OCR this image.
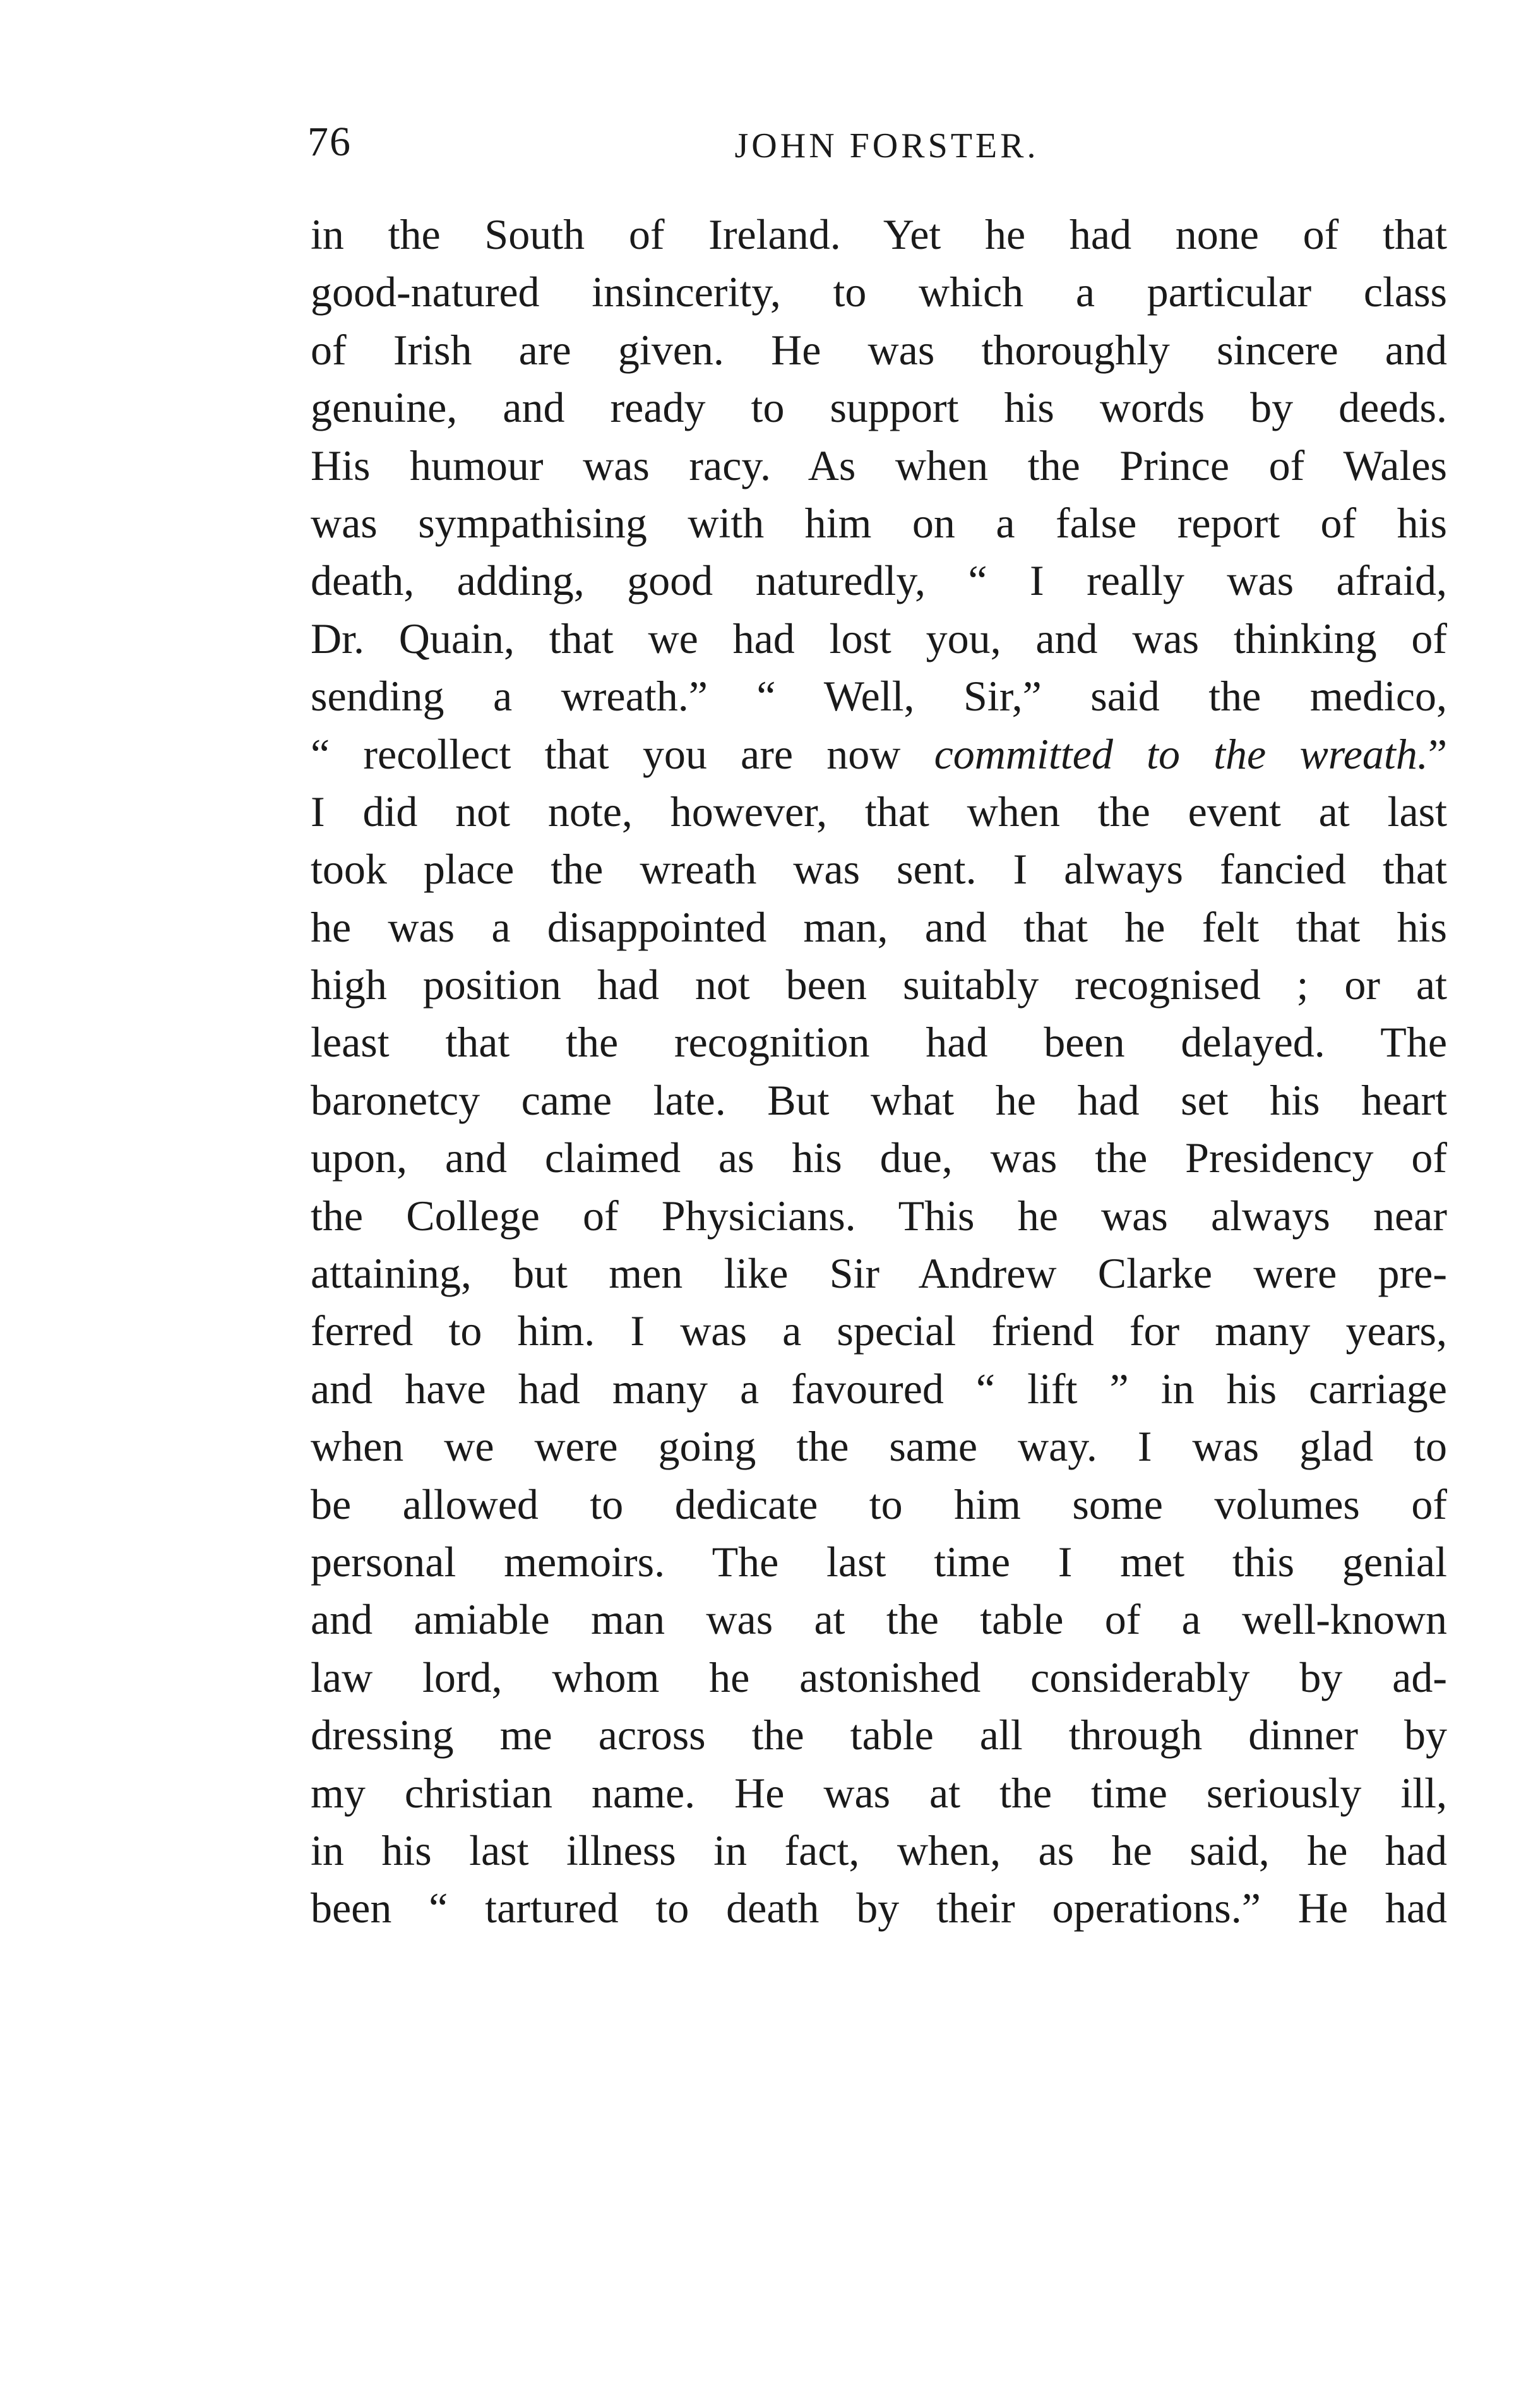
76	JOHN FORSTER.
in the South of Ireland. Yet he had none of that
good-natured insincerity, to which a particular class
of Irish are given. He was thoroughly sincere and
genuine, and ready to support his words by deeds.
His humour was racy. As when the Prince of Wales
was sympathising with him on a false report of his
death, adding, good naturedly, “ I really was afraid,
Dr. Quain, that we had lost you, and was thinking of
sending a wreath.” “ Well, Sir,” said the medico,
“ recollect that you are now committed to the wreath.”
I did not note, however, that when the event at last
took place the wreath was sent. I always fancied that
he was a disappointed man, and that he felt that his
high position had not been suitably recognised ; or at
least that the recognition had been delayed. The
baronetcy came late. But what he had set his heart
upon, and claimed as his due, was the Presidency of
the College of Physicians. This he was always near
attaining, but men like Sir Andrew Clarke were pre-
ferred to him. I was a special friend for many years,
and have had many a favoured “ lift ” in his carriage
when we were going the same way. I was glad to
be allowed to dedicate to him some volumes of
personal memoirs. The last time I met this genial
and amiable man was at the table of a well-known
law lord, whom he astonished considerably by ad-
dressing me across the table all through dinner by
my christian name. He was at the time seriously ill,
in his last illness in fact, when, as he said, he had
been “ tartured to death by their operations.” He had
